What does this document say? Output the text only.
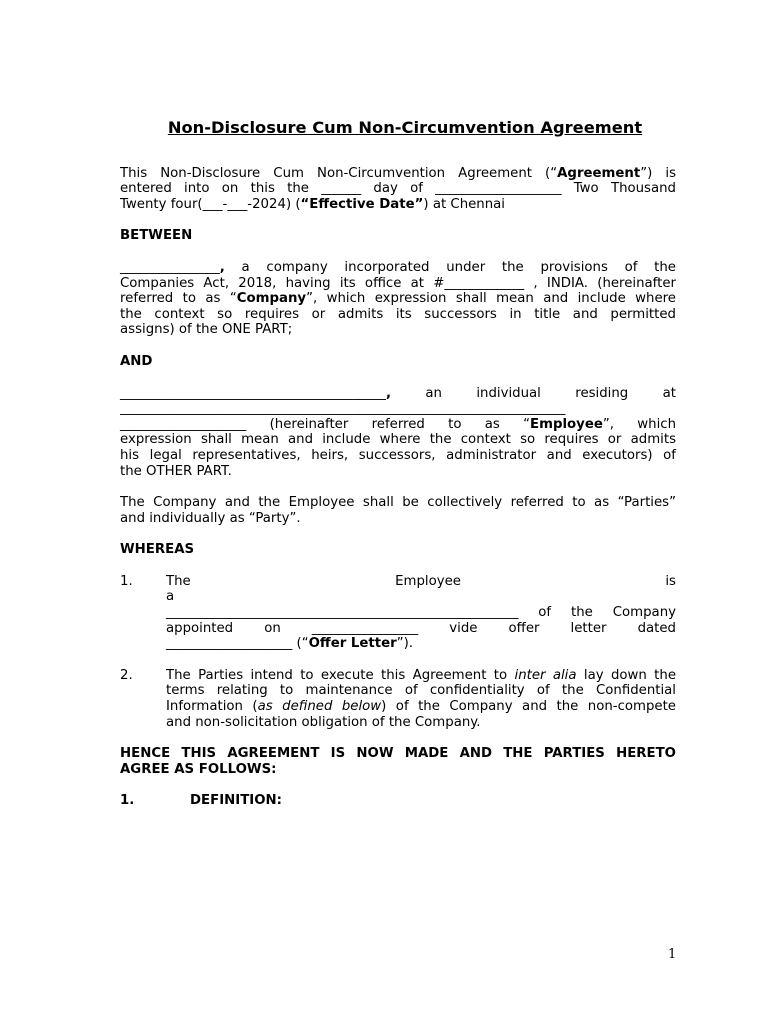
Non-Disclosure Cum Non-Circumvention Agreement
This Non-Disclosure Cum Non-Circumvention Agreement (“Agreement”) is
entered into on this the ______ day of ___________________ Two Thousand
Twenty four(___-___-2024) (“Effective Date”) at Chennai
BETWEEN
_______________, a company incorporated under the provisions of the
Companies Act, 2018, having its office at #____________ , INDIA. (hereinafter
referred to as “Company”, which expression shall mean and include where
the context so requires or admits its successors in title and permitted
assigns) of the ONE PART;
AND
________________________________________, an individual residing at
___________________________________________________________________
___________________ (hereinafter referred to as “Employee”, which
expression shall mean and include where the context so requires or admits
his legal representatives, heirs, successors, administrator and executors) of
the OTHER PART.
The Company and the Employee shall be collectively referred to as “Parties”
and individually as “Party”.
WHEREAS
1.	The Employee is a
_____________________________________________________ of the Company
appointed on ________________ vide offer letter dated
___________________ (“Offer Letter”).
2.	The Parties intend to execute this Agreement to inter alia lay down the
terms relating to maintenance of confidentiality of the Confidential
Information (as defined below) of the Company and the non-compete
and non-solicitation obligation of the Company.
HENCE THIS AGREEMENT IS NOW MADE AND THE PARTIES HERETO
AGREE AS FOLLOWS:
1.	DEFINITION:
1
